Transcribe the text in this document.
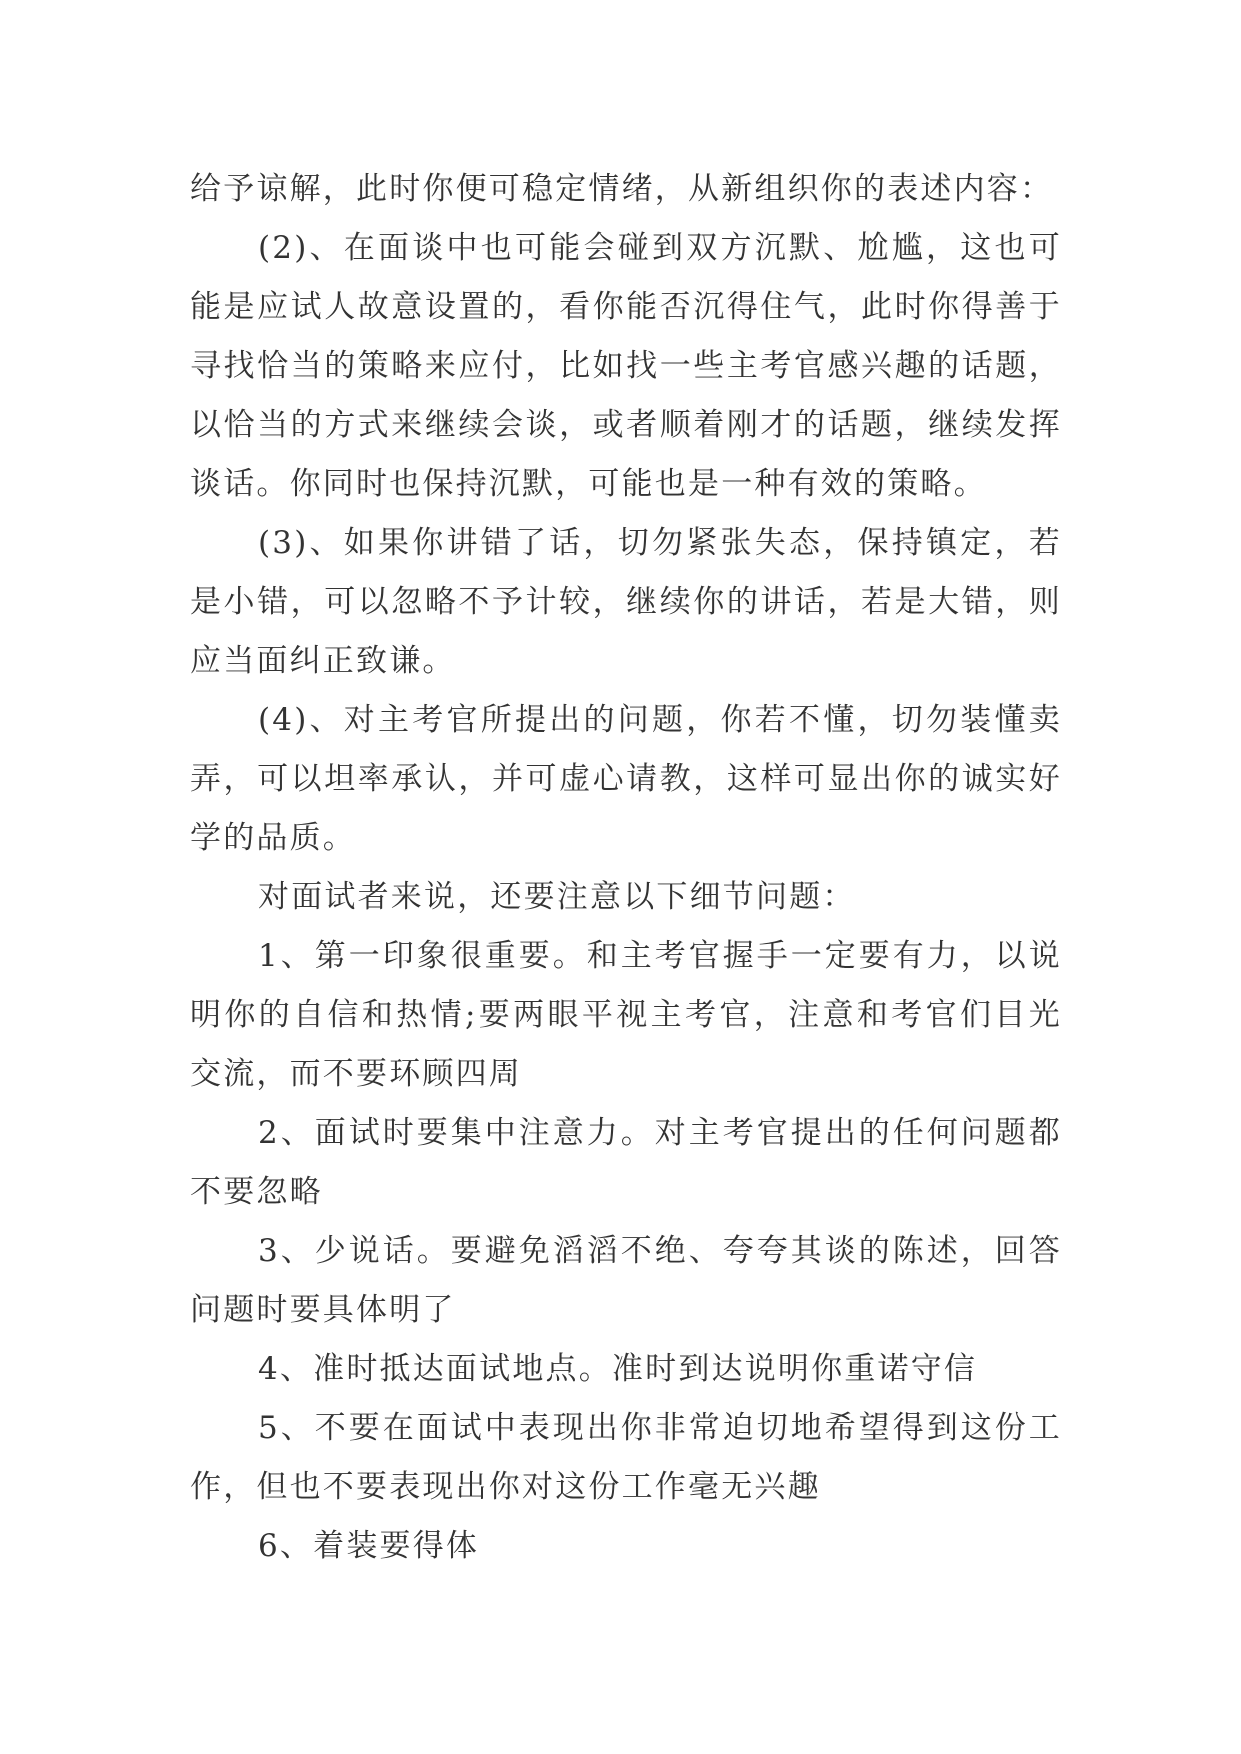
给予谅解，此时你便可稳定情绪，从新组织你的表述内容：

(2)、在面谈中也可能会碰到双方沉默、尬尴，这也可能是应试人故意设置的，看你能否沉得住气，此时你得善于寻找恰当的策略来应付，比如找一些主考官感兴趣的话题，以恰当的方式来继续会谈，或者顺着刚才的话题，继续发挥谈话。你同时也保持沉默，可能也是一种有效的策略。

(3)、如果你讲错了话，切勿紧张失态，保持镇定，若是小错，可以忽略不予计较，继续你的讲话，若是大错，则应当面纠正致谦。

(4)、对主考官所提出的问题，你若不懂，切勿装懂卖弄，可以坦率承认，并可虚心请教，这样可显出你的诚实好学的品质。

对面试者来说，还要注意以下细节问题：

1、第一印象很重要。和主考官握手一定要有力，以说明你的自信和热情;要两眼平视主考官，注意和考官们目光交流，而不要环顾四周

2、面试时要集中注意力。对主考官提出的任何问题都不要忽略

3、少说话。要避免滔滔不绝、夸夸其谈的陈述，回答问题时要具体明了

4、准时抵达面试地点。准时到达说明你重诺守信

5、不要在面试中表现出你非常迫切地希望得到这份工作，但也不要表现出你对这份工作毫无兴趣

6、着装要得体
